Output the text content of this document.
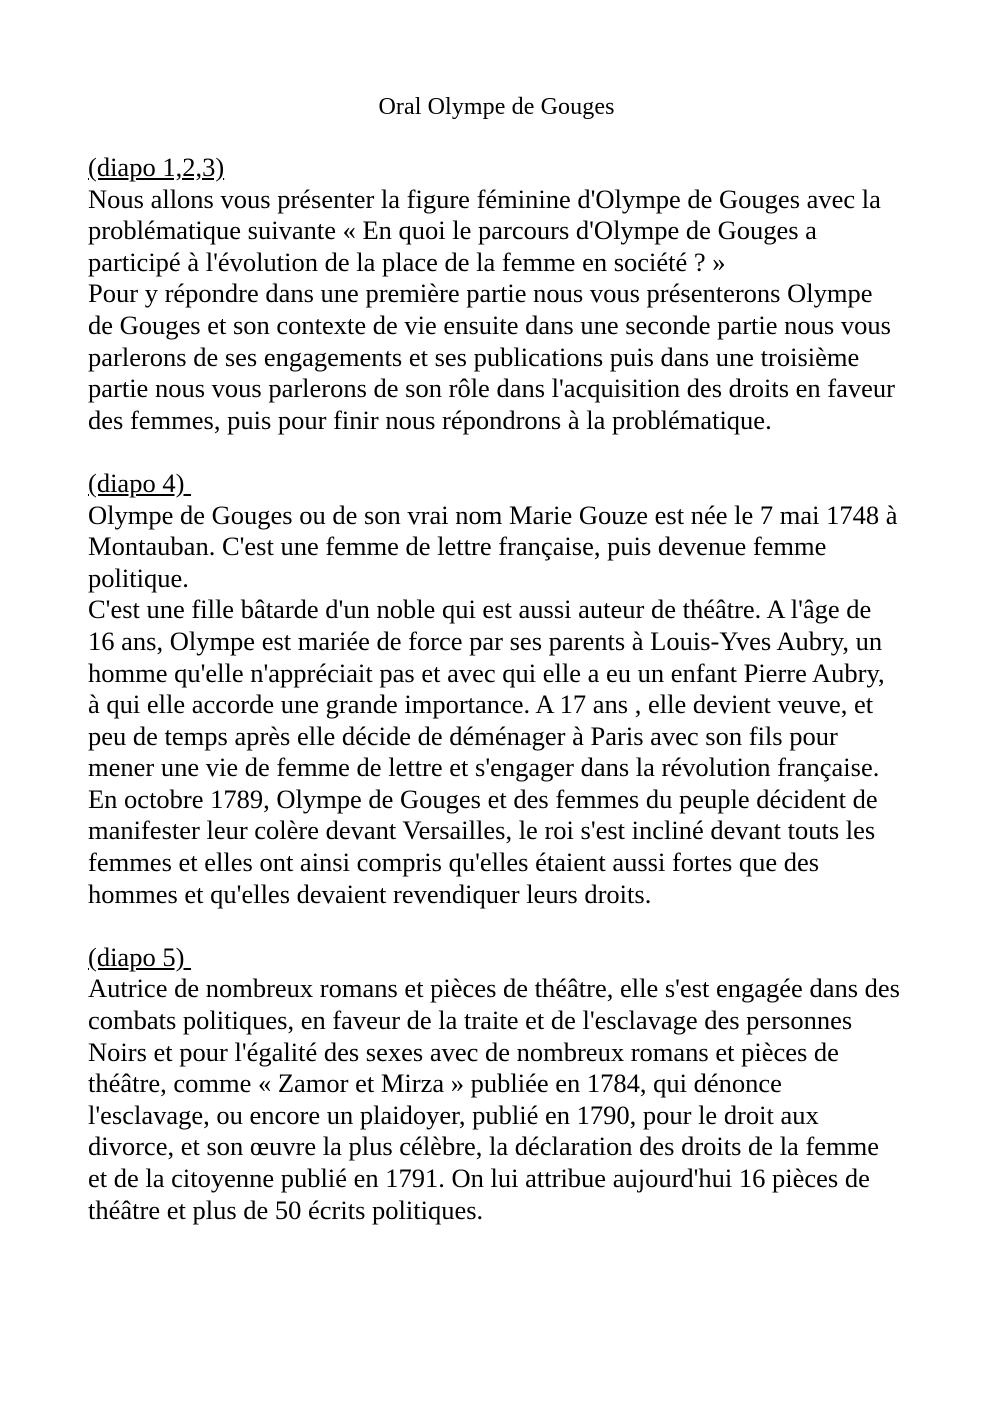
Oral Olympe de Gouges
(diapo 1,2,3)
Nous allons vous présenter la figure féminine d'Olympe de Gouges avec la problématique suivante « En quoi le parcours d'Olympe de Gouges a participé à l'évolution de la place de la femme en société ? »
Pour y répondre dans une première partie nous vous présenterons Olympe de Gouges et son contexte de vie ensuite dans une seconde partie nous vous parlerons de ses engagements et ses publications puis dans une troisième partie nous vous parlerons de son rôle dans l'acquisition des droits en faveur des femmes, puis pour finir nous répondrons à la problématique.
(diapo 4)
Olympe de Gouges ou de son vrai nom Marie Gouze est née le 7 mai 1748 à Montauban. C'est une femme de lettre française, puis devenue femme politique.
C'est une fille bâtarde d'un noble qui est aussi auteur de théâtre. A l'âge de 16 ans, Olympe est mariée de force par ses parents à Louis-Yves Aubry, un homme qu'elle n'appréciait pas et avec qui elle a eu un enfant Pierre Aubry, à qui elle accorde une grande importance. A 17 ans , elle devient veuve, et peu de temps après elle décide de déménager à Paris avec son fils pour mener une vie de femme de lettre et s'engager dans la révolution française.
En octobre 1789, Olympe de Gouges et des femmes du peuple décident de manifester leur colère devant Versailles, le roi s'est incliné devant touts les femmes et elles ont ainsi compris qu'elles étaient aussi fortes que des hommes et qu'elles devaient revendiquer leurs droits.
(diapo 5)
Autrice de nombreux romans et pièces de théâtre, elle s'est engagée dans des combats politiques, en faveur de la traite et de l'esclavage des personnes Noirs et pour l'égalité des sexes avec de nombreux romans et pièces de théâtre, comme « Zamor et Mirza » publiée en 1784, qui dénonce l'esclavage, ou encore un plaidoyer, publié en 1790, pour le droit aux divorce, et son œuvre la plus célèbre, la déclaration des droits de la femme et de la citoyenne publié en 1791. On lui attribue aujourd'hui 16 pièces de théâtre et plus de 50 écrits politiques.
